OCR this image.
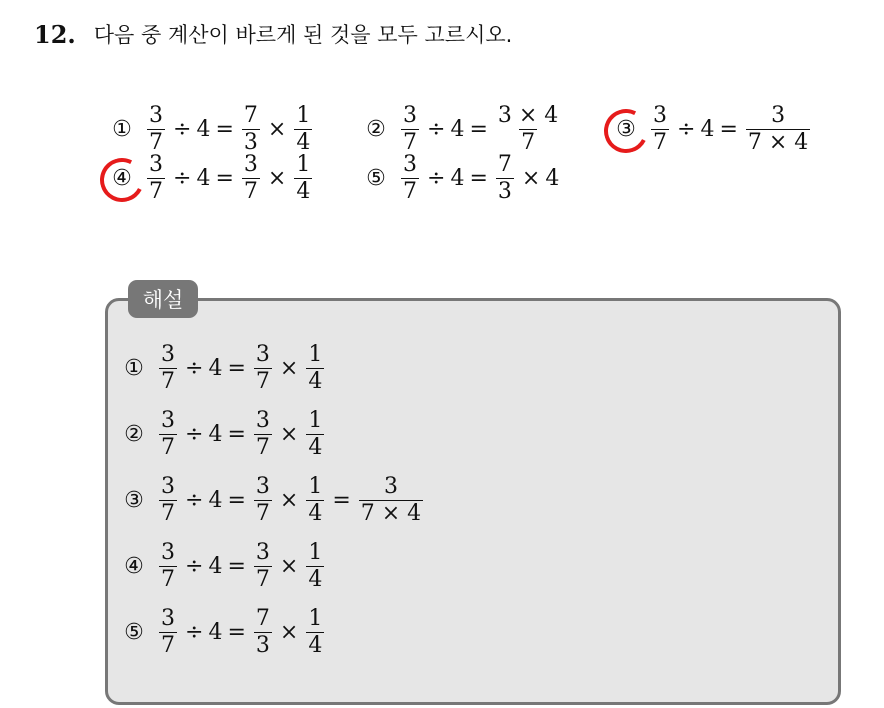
12. 다음 중 계산이 바르게 된 것을 모두 고르시오.
① $\frac{3}{7} \div 4 = \frac{7}{3} \times \frac{1}{4}$ ② $\frac{3}{7} \div 4 = \frac{3 \times 4}{7}$	③ $\frac{3}{7} \div 4 = \frac{3}{7 \times 4}$
④ $\frac{3}{7} \div 4 = \frac{3}{7} \times \frac{1}{4}$ ⑤ $\frac{3}{7} \div 4 = \frac{7}{3} \times 4$
해설
① $\frac{3}{7} \div 4 = \frac{3}{7} \times \frac{1}{4}$
② $\frac{3}{7} \div 4 = \frac{3}{7} \times \frac{1}{4}$
③ $\frac{3}{7} \div 4 = \frac{3}{7} \times \frac{1}{4} = \frac{3}{7 \times 4}$
④ $\frac{3}{7} \div 4 = \frac{3}{7} \times \frac{1}{4}$
⑤ $\frac{3}{7} \div 4 = \frac{7}{3} \times \frac{1}{4}$
